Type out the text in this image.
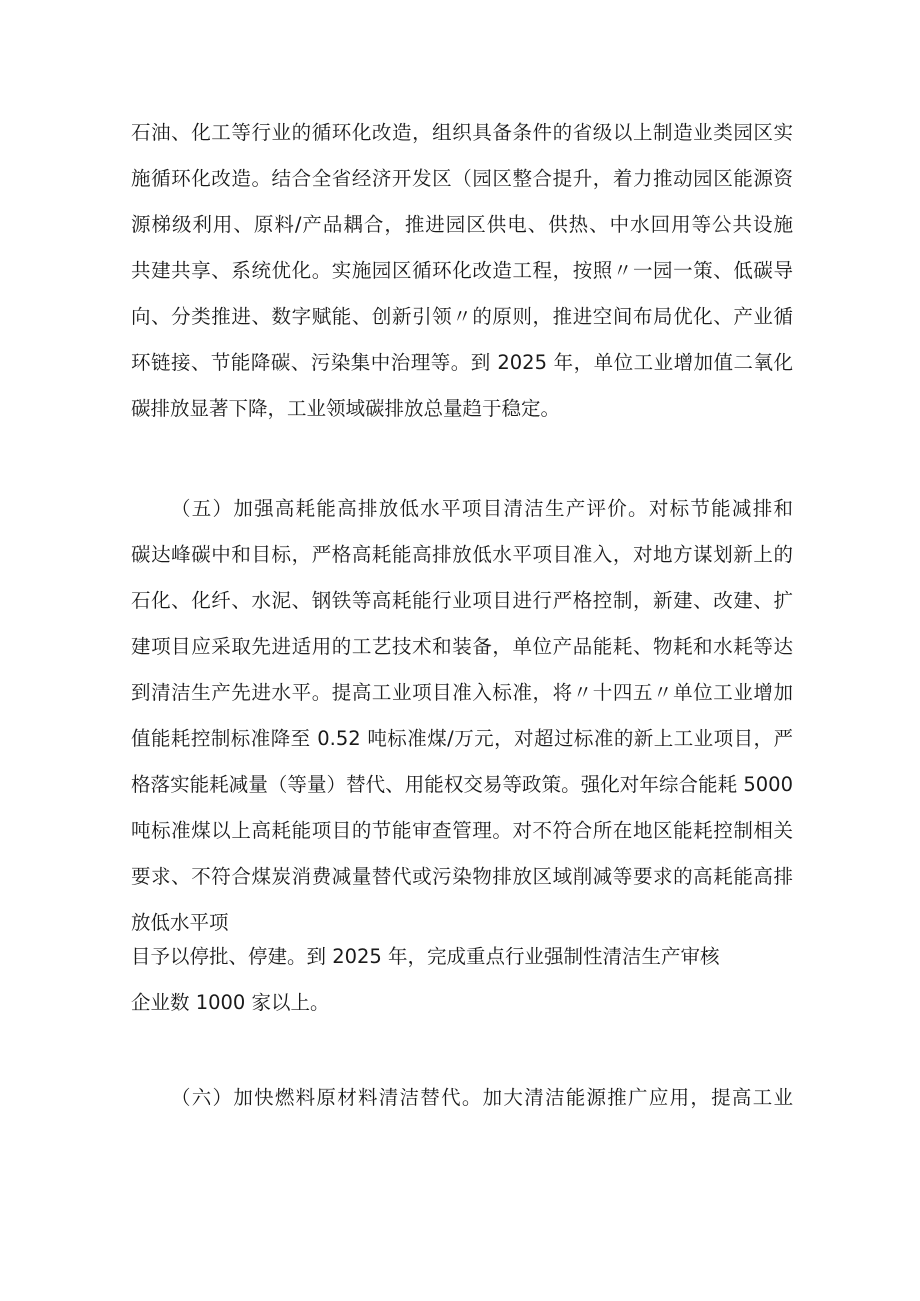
石油、化工等行业的循环化改造，组织具备条件的省级以上制造业类园区实
施循环化改造。结合全省经济开发区（园区整合提升，着力推动园区能源资
源梯级利用、原料/产品耦合，推进园区供电、供热、中水回用等公共设施
共建共享、系统优化。实施园区循环化改造工程，按照〃一园一策、低碳导
向、分类推进、数字赋能、创新引领〃的原则，推进空间布局优化、产业循
环链接、节能降碳、污染集中治理等。到 2025 年，单位工业增加值二氧化
碳排放显著下降，工业领域碳排放总量趋于稳定。
（五）加强高耗能高排放低水平项目清洁生产评价。对标节能减排和
碳达峰碳中和目标，严格高耗能高排放低水平项目准入，对地方谋划新上的
石化、化纤、水泥、钢铁等高耗能行业项目进行严格控制，新建、改建、扩
建项目应采取先进适用的工艺技术和装备，单位产品能耗、物耗和水耗等达
到清洁生产先进水平。提高工业项目准入标准，将〃十四五〃单位工业增加
值能耗控制标准降至 0.52 吨标准煤/万元，对超过标准的新上工业项目，严
格落实能耗减量（等量）替代、用能权交易等政策。强化对年综合能耗 5000
吨标准煤以上高耗能项目的节能审查管理。对不符合所在地区能耗控制相关
要求、不符合煤炭消费减量替代或污染物排放区域削减等要求的高耗能高排
放低水平项
目予以停批、停建。到 2025 年，完成重点行业强制性清洁生产审核
企业数 1000 家以上。
（六）加快燃料原材料清洁替代。加大清洁能源推广应用，提高工业
